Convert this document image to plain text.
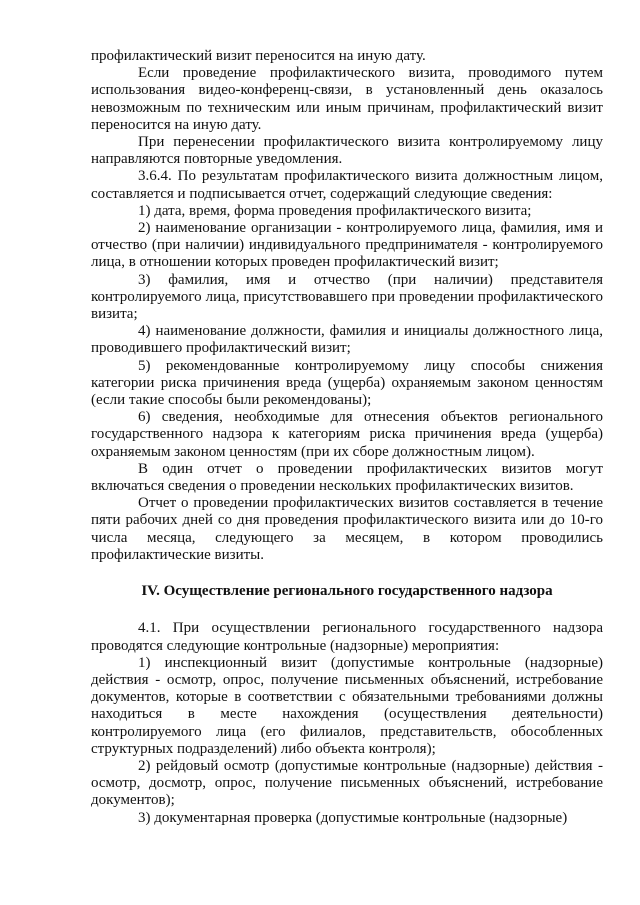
профилактический визит переносится на иную дату.

Если проведение профилактического визита, проводимого путем использования видео-конференц-связи, в установленный день оказалось невозможным по техническим или иным причинам, профилактический визит переносится на иную дату.

При перенесении профилактического визита контролируемому лицу направляются повторные уведомления.

3.6.4. По результатам профилактического визита должностным лицом, составляется и подписывается отчет, содержащий следующие сведения:

1) дата, время, форма проведения профилактического визита;

2) наименование организации - контролируемого лица, фамилия, имя и отчество (при наличии) индивидуального предпринимателя - контролируемого лица, в отношении которых проведен профилактический визит;

3) фамилия, имя и отчество (при наличии) представителя контролируемого лица, присутствовавшего при проведении профилактического визита;

4) наименование должности, фамилия и инициалы должностного лица, проводившего профилактический визит;

5) рекомендованные контролируемому лицу способы снижения категории риска причинения вреда (ущерба) охраняемым законом ценностям (если такие способы были рекомендованы);

6) сведения, необходимые для отнесения объектов регионального государственного надзора к категориям риска причинения вреда (ущерба) охраняемым законом ценностям (при их сборе должностным лицом).

В один отчет о проведении профилактических визитов могут включаться сведения о проведении нескольких профилактических визитов.

Отчет о проведении профилактических визитов составляется в течение пяти рабочих дней со дня проведения профилактического визита или до 10-го числа месяца, следующего за месяцем, в котором проводились профилактические визиты.

IV. Осуществление регионального государственного надзора

4.1. При осуществлении регионального государственного надзора проводятся следующие контрольные (надзорные) мероприятия:

1) инспекционный визит (допустимые контрольные (надзорные) действия - осмотр, опрос, получение письменных объяснений, истребование документов, которые в соответствии с обязательными требованиями должны находиться в месте нахождения (осуществления деятельности) контролируемого лица (его филиалов, представительств, обособленных структурных подразделений) либо объекта контроля);

2) рейдовый осмотр (допустимые контрольные (надзорные) действия - осмотр, досмотр, опрос, получение письменных объяснений, истребование документов);

3) документарная проверка (допустимые контрольные (надзорные)
